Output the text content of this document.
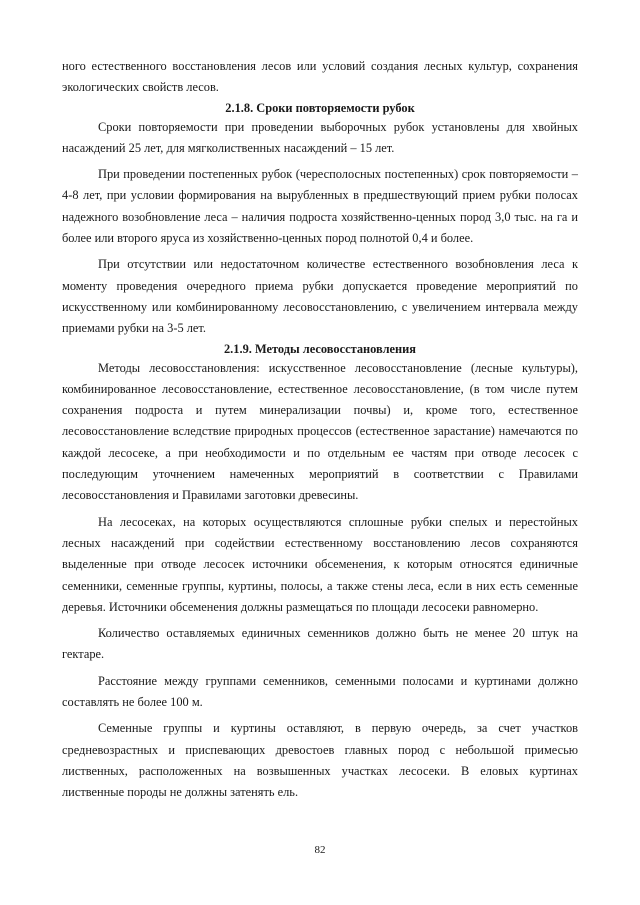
ного естественного восстановления лесов или условий создания лесных культур, сохранения экологических свойств лесов.

2.1.8. Сроки повторяемости рубок

Сроки повторяемости при проведении выборочных рубок установлены для хвойных насаждений 25 лет, для мягколиственных насаждений – 15 лет.

При проведении постепенных рубок (чересполосных постепенных) срок повторяемости – 4-8 лет, при условии формирования на вырубленных в предшествующий прием рубки полосах надежного возобновление леса – наличия подроста хозяйственно-ценных пород 3,0 тыс. на га и более или второго яруса из хозяйственно-ценных пород полнотой 0,4 и более.

При отсутствии или недостаточном количестве естественного возобновления леса к моменту проведения очередного приема рубки допускается проведение мероприятий по искусственному или комбинированному лесовосстановлению, с увеличением интервала между приемами рубки на 3-5 лет.

2.1.9. Методы лесовосстановления

Методы лесовосстановления: искусственное лесовосстановление (лесные культуры), комбинированное лесовосстановление, естественное лесовосстановление, (в том числе путем сохранения подроста и путем минерализации почвы) и, кроме того, естественное лесовосстановление вследствие природных процессов (естественное зарастание) намечаются по каждой лесосеке, а при необходимости и по отдельным ее частям при отводе лесосек с последующим уточнением намеченных мероприятий в соответствии с Правилами лесовосстановления и Правилами заготовки древесины.

На лесосеках, на которых осуществляются сплошные рубки спелых и перестойных лесных насаждений при содействии естественному восстановлению лесов сохраняются выделенные при отводе лесосек источники обсеменения, к которым относятся единичные семенники, семенные группы, куртины, полосы, а также стены леса, если в них есть семенные деревья. Источники обсеменения должны размещаться по площади лесосеки равномерно.

Количество оставляемых единичных семенников должно быть не менее 20 штук на гектаре.

Расстояние между группами семенников, семенными полосами и куртинами должно составлять не более 100 м.

Семенные группы и куртины оставляют, в первую очередь, за счет участков средневозрастных и приспевающих древостоев главных пород с небольшой примесью лиственных, расположенных на возвышенных участках лесосеки. В еловых куртинах лиственные породы не должны затенять ель.

82
